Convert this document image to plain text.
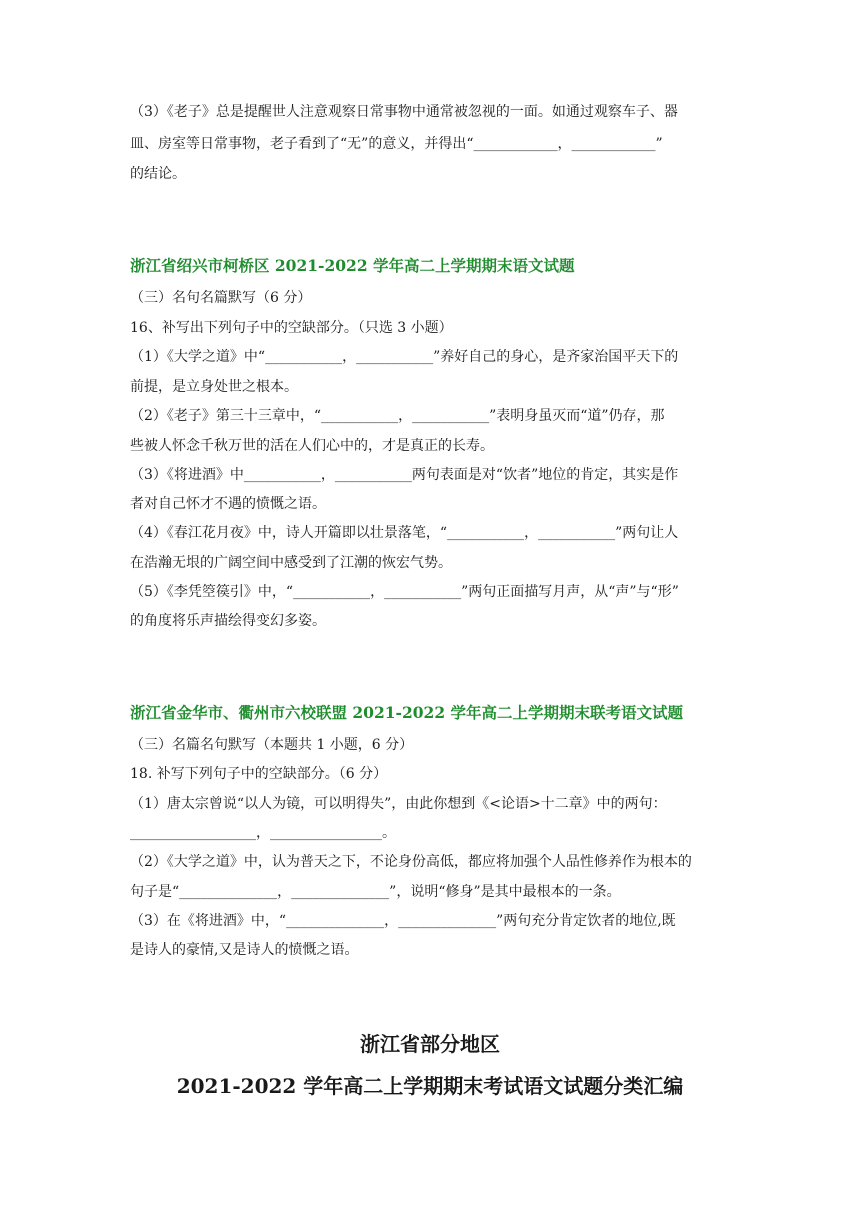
（3）《老子》总是提醒世人注意观察日常事物中通常被忽视的一面。如通过观察车子、器

皿、房室等日常事物，老子看到了“无”的意义，并得出“____________，____________”

的结论。

浙江省绍兴市柯桥区 2021-2022 学年高二上学期期末语文试题

（三）名句名篇默写（6 分）

16、补写出下列句子中的空缺部分。（只选 3 小题）

（1）《大学之道》中“___________，___________”养好自己的身心，是齐家治国平天下的

前提，是立身处世之根本。

（2）《老子》第三十三章中，“___________，___________”表明身虽灭而“道”仍存，那

些被人怀念千秋万世的活在人们心中的，才是真正的长寿。

（3）《将进酒》中___________，___________两句表面是对“饮者”地位的肯定，其实是作

者对自己怀才不遇的愤慨之语。

（4）《春江花月夜》中，诗人开篇即以壮景落笔，“___________，___________”两句让人

在浩瀚无垠的广阔空间中感受到了江潮的恢宏气势。

（5）《李凭箜篌引》中，“___________，___________”两句正面描写月声，从“声”与“形”

的角度将乐声描绘得变幻多姿。

浙江省金华市、衢州市六校联盟 2021-2022 学年高二上学期期末联考语文试题

（三）名篇名句默写（本题共 1 小题，6 分）

18. 补写下列句子中的空缺部分。（6 分）

（1）唐太宗曾说“以人为镜，可以明得失”，由此你想到《<论语>十二章》中的两句：

__________________，________________。

（2）《大学之道》中，认为普天之下，不论身份高低，都应将加强个人品性修养作为根本的

句子是“______________，______________”，说明“修身”是其中最根本的一条。

（3）在《将进酒》中，“______________，______________”两句充分肯定饮者的地位,既

是诗人的豪情,又是诗人的愤慨之语。

浙江省部分地区

2021-2022 学年高二上学期期末考试语文试题分类汇编
